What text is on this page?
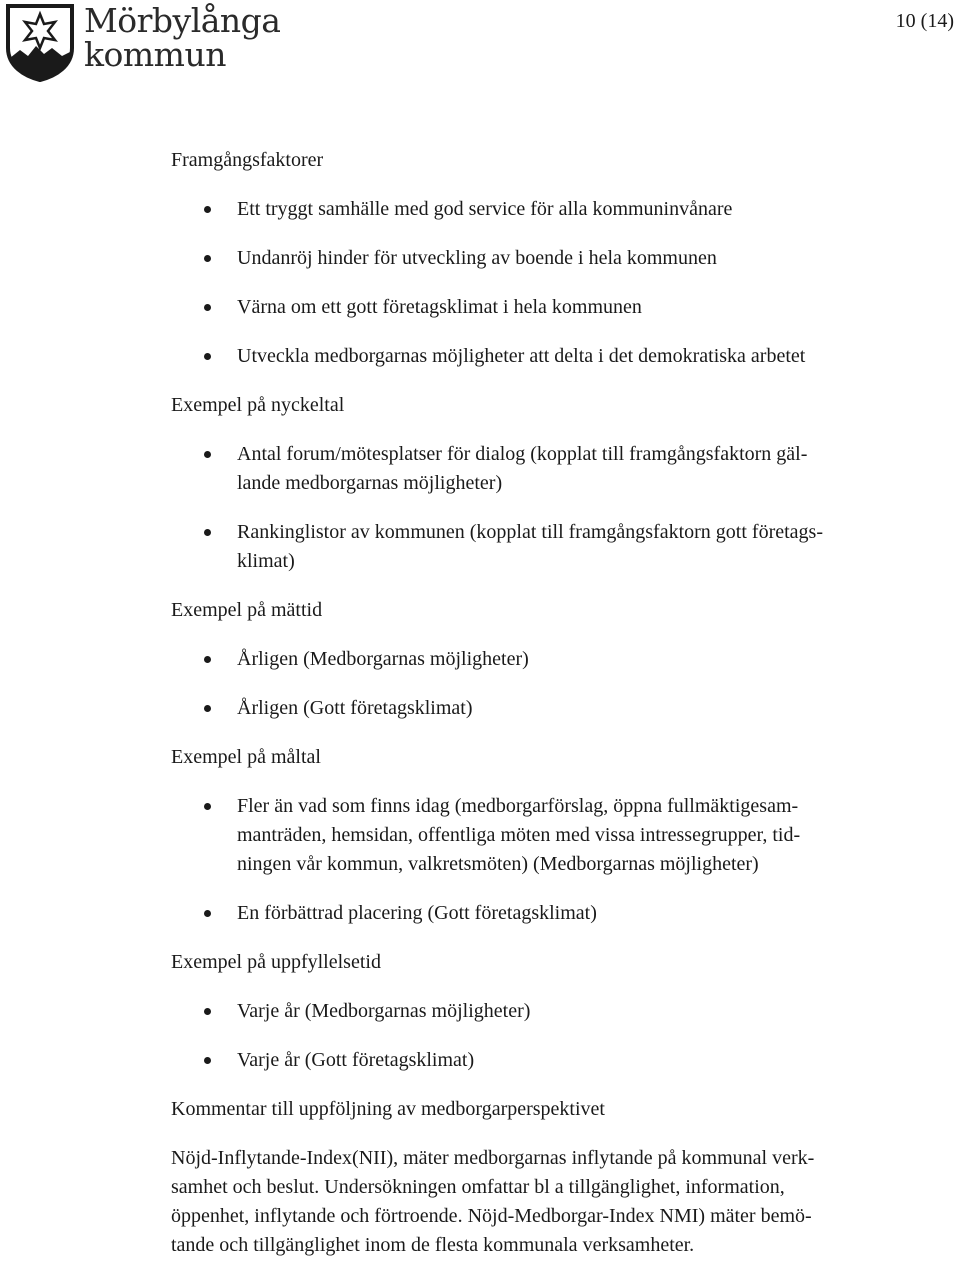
Mörbylånga
kommun
10 (14)

Framgångsfaktorer

Ett tryggt samhälle med god service för alla kommuninvånare
Undanröj hinder för utveckling av boende i hela kommunen
Värna om ett gott företagsklimat i hela kommunen
Utveckla medborgarnas möjligheter att delta i det demokratiska arbetet

Exempel på nyckeltal

Antal forum/mötesplatser för dialog (kopplat till framgångsfaktorn gäl-
lande medborgarnas möjligheter)
Rankinglistor av kommunen (kopplat till framgångsfaktorn gott företags-
klimat)

Exempel på mättid

Årligen (Medborgarnas möjligheter)
Årligen (Gott företagsklimat)

Exempel på måltal

Fler än vad som finns idag (medborgarförslag, öppna fullmäktigesam-
manträden, hemsidan, offentliga möten med vissa intressegrupper, tid-
ningen vår kommun, valkretsmöten) (Medborgarnas möjligheter)
En förbättrad placering (Gott företagsklimat)

Exempel på uppfyllelsetid

Varje år (Medborgarnas möjligheter)
Varje år (Gott företagsklimat)

Kommentar till uppföljning av medborgarperspektivet

Nöjd-Inflytande-Index(NII), mäter medborgarnas inflytande på kommunal verk-
samhet och beslut. Undersökningen omfattar bl a tillgänglighet, information,
öppenhet, inflytande och förtroende. Nöjd-Medborgar-Index NMI) mäter bemö-
tande och tillgänglighet inom de flesta kommunala verksamheter.
